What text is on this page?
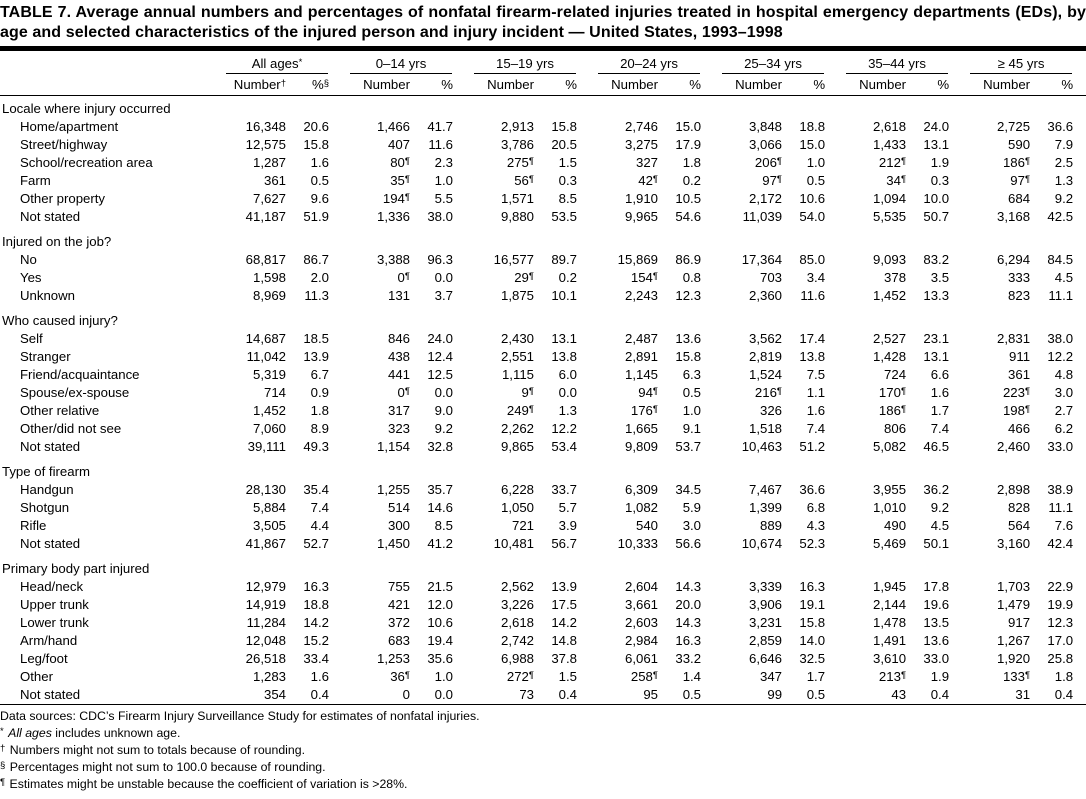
TABLE 7. Average annual numbers and percentages of nonfatal firearm-related injuries treated in hospital emergency departments (EDs), by age and selected characteristics of the injured person and injury incident — United States, 1993–1998

	All ages*		0–14 yrs		15–19 yrs		20–24 yrs		25–34 yrs		35–44 yrs		≥ 45 yrs	

	Number†	%§	Number	%	Number	%	Number	%	Number	%	Number	%	Number	%
Locale where injury occurred														
Home/apartment	16,348	20.6	1,466	41.7	2,913	15.8	2,746	15.0	3,848	18.8	2,618	24.0	2,725	36.6
Street/highway	12,575	15.8	407	11.6	3,786	20.5	3,275	17.9	3,066	15.0	1,433	13.1	590	7.9
School/recreation area	1,287	1.6	80¶	2.3	275¶	1.5	327	1.8	206¶	1.0	212¶	1.9	186¶	2.5
Farm	361	0.5	35¶	1.0	56¶	0.3	42¶	0.2	97¶	0.5	34¶	0.3	97¶	1.3
Other property	7,627	9.6	194¶	5.5	1,571	8.5	1,910	10.5	2,172	10.6	1,094	10.0	684	9.2
Not stated	41,187	51.9	1,336	38.0	9,880	53.5	9,965	54.6	11,039	54.0	5,535	50.7	3,168	42.5
Injured on the job?														
No	68,817	86.7	3,388	96.3	16,577	89.7	15,869	86.9	17,364	85.0	9,093	83.2	6,294	84.5
Yes	1,598	2.0	0¶	0.0	29¶	0.2	154¶	0.8	703	3.4	378	3.5	333	4.5
Unknown	8,969	11.3	131	3.7	1,875	10.1	2,243	12.3	2,360	11.6	1,452	13.3	823	11.1
Who caused injury?														
Self	14,687	18.5	846	24.0	2,430	13.1	2,487	13.6	3,562	17.4	2,527	23.1	2,831	38.0
Stranger	11,042	13.9	438	12.4	2,551	13.8	2,891	15.8	2,819	13.8	1,428	13.1	911	12.2
Friend/acquaintance	5,319	6.7	441	12.5	1,115	6.0	1,145	6.3	1,524	7.5	724	6.6	361	4.8
Spouse/ex-spouse	714	0.9	0¶	0.0	9¶	0.0	94¶	0.5	216¶	1.1	170¶	1.6	223¶	3.0
Other relative	1,452	1.8	317	9.0	249¶	1.3	176¶	1.0	326	1.6	186¶	1.7	198¶	2.7
Other/did not see	7,060	8.9	323	9.2	2,262	12.2	1,665	9.1	1,518	7.4	806	7.4	466	6.2
Not stated	39,111	49.3	1,154	32.8	9,865	53.4	9,809	53.7	10,463	51.2	5,082	46.5	2,460	33.0
Type of firearm														
Handgun	28,130	35.4	1,255	35.7	6,228	33.7	6,309	34.5	7,467	36.6	3,955	36.2	2,898	38.9
Shotgun	5,884	7.4	514	14.6	1,050	5.7	1,082	5.9	1,399	6.8	1,010	9.2	828	11.1
Rifle	3,505	4.4	300	8.5	721	3.9	540	3.0	889	4.3	490	4.5	564	7.6
Not stated	41,867	52.7	1,450	41.2	10,481	56.7	10,333	56.6	10,674	52.3	5,469	50.1	3,160	42.4
Primary body part injured														
Head/neck	12,979	16.3	755	21.5	2,562	13.9	2,604	14.3	3,339	16.3	1,945	17.8	1,703	22.9
Upper trunk	14,919	18.8	421	12.0	3,226	17.5	3,661	20.0	3,906	19.1	2,144	19.6	1,479	19.9
Lower trunk	11,284	14.2	372	10.6	2,618	14.2	2,603	14.3	3,231	15.8	1,478	13.5	917	12.3
Arm/hand	12,048	15.2	683	19.4	2,742	14.8	2,984	16.3	2,859	14.0	1,491	13.6	1,267	17.0
Leg/foot	26,518	33.4	1,253	35.6	6,988	37.8	6,061	33.2	6,646	32.5	3,610	33.0	1,920	25.8
Other	1,283	1.6	36¶	1.0	272¶	1.5	258¶	1.4	347	1.7	213¶	1.9	133¶	1.8
Not stated	354	0.4	0	0.0	73	0.4	95	0.5	99	0.5	43	0.4	31	0.4
Data sources: CDC’s Firearm Injury Surveillance Study for estimates of nonfatal injuries.
* All ages includes unknown age.
† Numbers might not sum to totals because of rounding.
§ Percentages might not sum to 100.0 because of rounding.
¶ Estimates might be unstable because the coefficient of variation is >28%.
